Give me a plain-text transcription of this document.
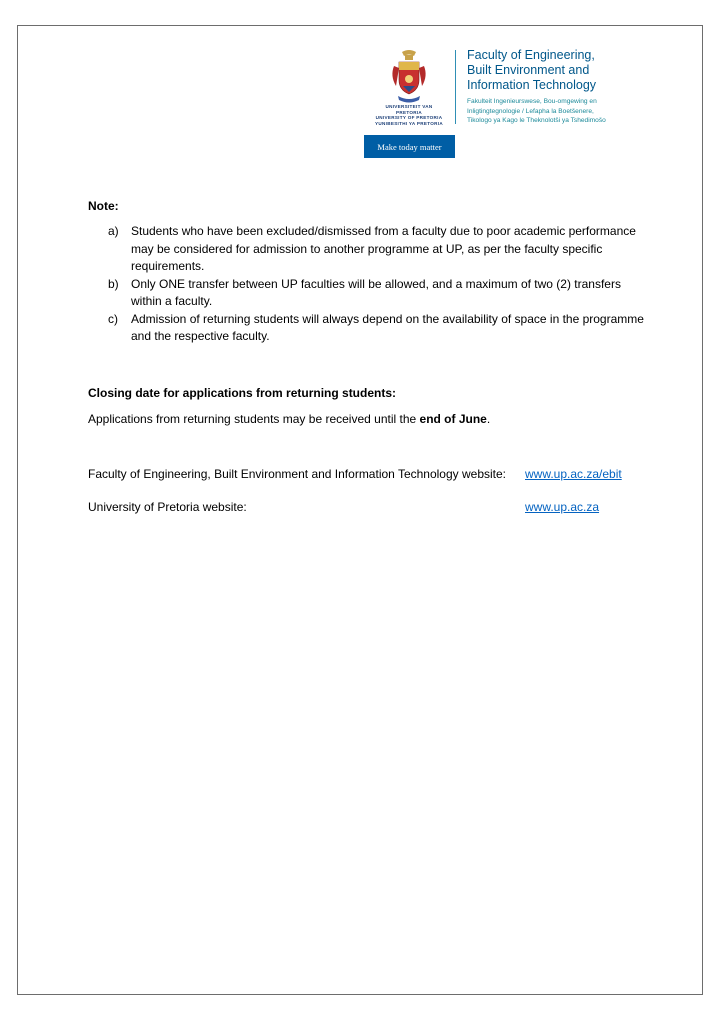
UNIVERSITEIT VAN PRETORIA
UNIVERSITY OF PRETORIA
YUNIBESITHI YA PRETORIA
Faculty of Engineering,
Built Environment and
Information Technology
Fakulteit Ingenieurswese, Bou-omgewing en
Inligtingtegnologie / Lefapha la Boetšenere,
Tikologo ya Kago le Theknolotši ya Tshedimošo
Make today matter
Note:
a) Students who have been excluded/dismissed from a faculty due to poor academic performance may be considered for admission to another programme at UP, as per the faculty specific requirements.
b) Only ONE transfer between UP faculties will be allowed, and a maximum of two (2) transfers within a faculty.
c) Admission of returning students will always depend on the availability of space in the programme and the respective faculty.
Closing date for applications from returning students:
Applications from returning students may be received until the end of June.
Faculty of Engineering, Built Environment and Information Technology website: www.up.ac.za/ebit
University of Pretoria website:	www.up.ac.za
